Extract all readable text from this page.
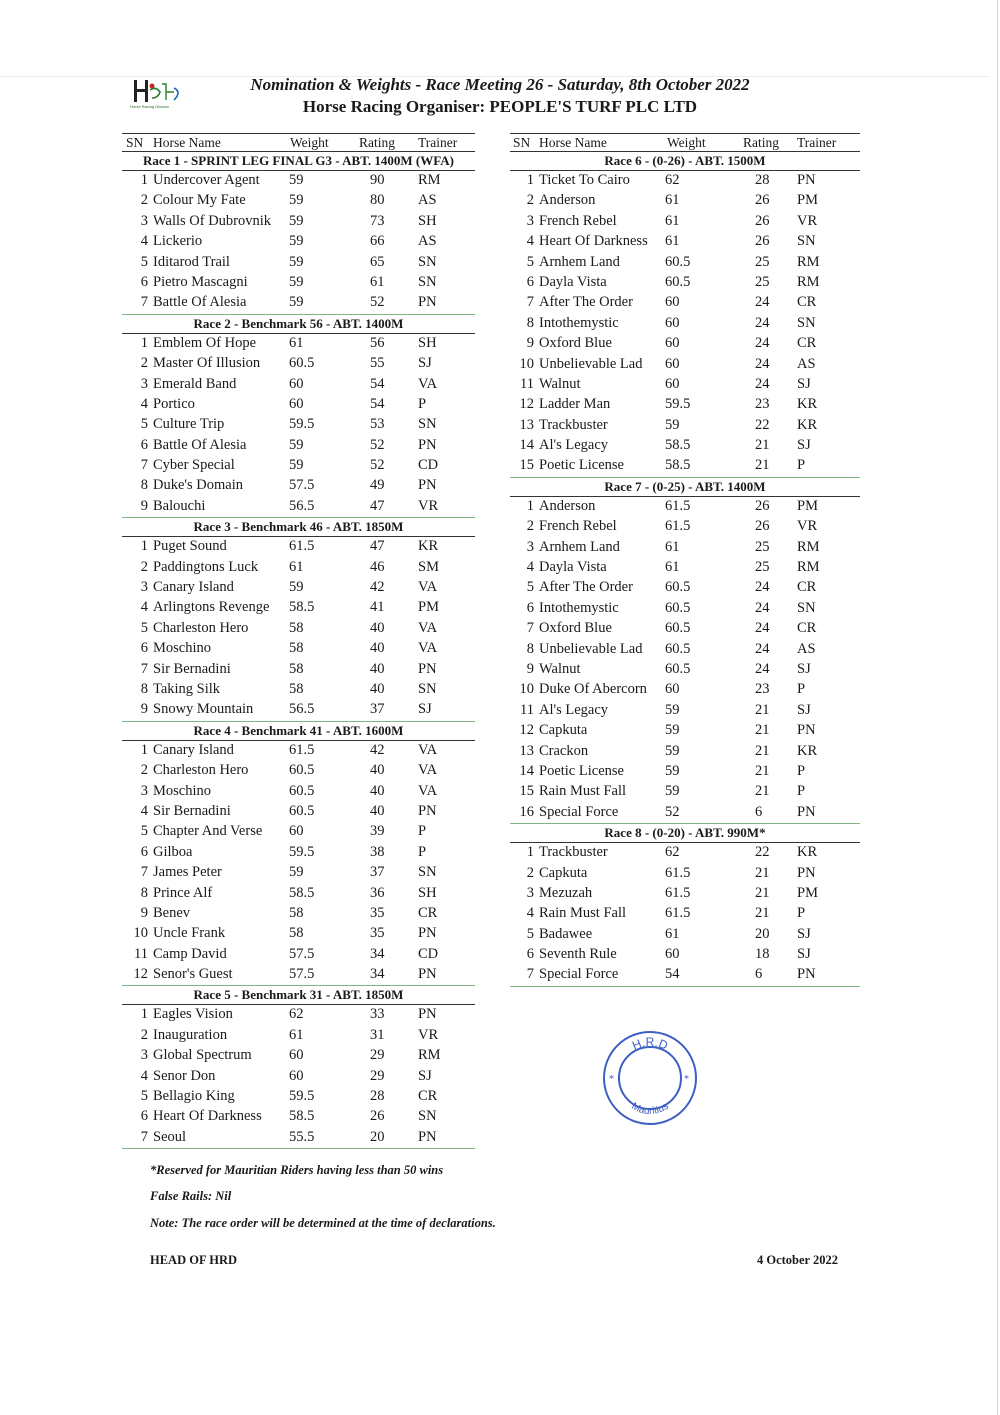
Horse Racing Division
Nomination & Weights - Race Meeting 26 - Saturday, 8th October 2022
Horse Racing Organiser: PEOPLE'S TURF PLC LTD
SN Horse Name	Weight Rating Trainer
Race 1 - SPRINT LEG FINAL G3 - ABT. 1400M (WFA)
1 Undercover Agent 59	90 RM
2 Colour My Fate	59	80 AS
3 Walls Of Dubrovnik 59	73 SH
4 Lickerio	59	66 AS
5 Iditarod Trail	59	65 SN
6 Pietro Mascagni	59	61 SN
7 Battle Of Alesia	59	52 PN
Race 2 - Benchmark 56 - ABT. 1400M
1 Emblem Of Hope 61	56 SH
2 Master Of Illusion 60.5	55 SJ
3 Emerald Band	60	54 VA
4 Portico	60	54 P
5 Culture Trip	59.5	53 SN
6 Battle Of Alesia	59	52 PN
7 Cyber Special	59	52 CD
8 Duke's Domain	57.5	49 PN
9 Balouchi	56.5	47 VR
Race 3 - Benchmark 46 - ABT. 1850M
1 Puget Sound	61.5	47 KR
2 Paddingtons Luck 61	46 SM
3 Canary Island	59	42 VA
4 Arlingtons Revenge 58.5	41 PM
5 Charleston Hero	58	40 VA
6 Moschino	58	40 VA
7 Sir Bernadini	58	40 PN
8 Taking Silk	58	40 SN
9 Snowy Mountain 56.5	37 SJ
Race 4 - Benchmark 41 - ABT. 1600M
1 Canary Island	61.5	42 VA
2 Charleston Hero	60.5	40 VA
3 Moschino	60.5	40 VA
4 Sir Bernadini	60.5	40 PN
5 Chapter And Verse 60	39 P
6 Gilboa	59.5	38 P
7 James Peter	59	37 SN
8 Prince Alf	58.5	36 SH
9 Benev	58	35 CR
10 Uncle Frank	58	35 PN
11 Camp David	57.5	34 CD
12 Senor's Guest	57.5	34 PN
Race 5 - Benchmark 31 - ABT. 1850M
1 Eagles Vision	62	33 PN
2 Inauguration	61	31 VR
3 Global Spectrum	60	29 RM
4 Senor Don	60	29 SJ
5 Bellagio King	59.5	28 CR
6 Heart Of Darkness 58.5	26 SN
7 Seoul	55.5	20 PN
SN Horse Name	Weight	Rating Trainer
Race 6 - (0-26) - ABT. 1500M
1 Ticket To Cairo 62	28 PN
2 Anderson	61	26 PM
3 French Rebel	61	26 VR
4 Heart Of Darkness 61	26 SN
5 Arnhem Land	60.5	25 RM
6 Dayla Vista	60.5	25 RM
7 After The Order 60	24 CR
8 Intothemystic	60	24 SN
9 Oxford Blue	60	24 CR
10 Unbelievable Lad 60	24 AS
11 Walnut	60	24 SJ
12 Ladder Man	59.5	23 KR
13 Trackbuster	59	22 KR
14 Al's Legacy	58.5	21 SJ
15 Poetic License	58.5	21 P
Race 7 - (0-25) - ABT. 1400M
1 Anderson	61.5	26 PM
2 French Rebel	61.5	26 VR
3 Arnhem Land	61	25 RM
4 Dayla Vista	61	25 RM
5 After The Order 60.5	24 CR
6 Intothemystic	60.5	24 SN
7 Oxford Blue	60.5	24 CR
8 Unbelievable Lad 60.5	24 AS
9 Walnut	60.5	24 SJ
10 Duke Of Abercorn 60	23 P
11 Al's Legacy	59	21 SJ
12 Capkuta	59	21 PN
13 Crackon	59	21 KR
14 Poetic License	59	21 P
15 Rain Must Fall	59	21 P
16 Special Force	52	6 PN
Race 8 - (0-20) - ABT. 990M*
1 Trackbuster	62	22 KR
2 Capkuta	61.5	21 PN
3 Mezuzah	61.5	21 PM
4 Rain Must Fall	61.5	21 P
5 Badawee	61	20 SJ
6 Seventh Rule	60	18 SJ
7 Special Force	54	6 PN
H.R.D
Mauritius
*	*
*Reserved for Mauritian Riders having less than 50 wins
False Rails: Nil
Note: The race order will be determined at the time of declarations.
HEAD OF HRD	4 October 2022
